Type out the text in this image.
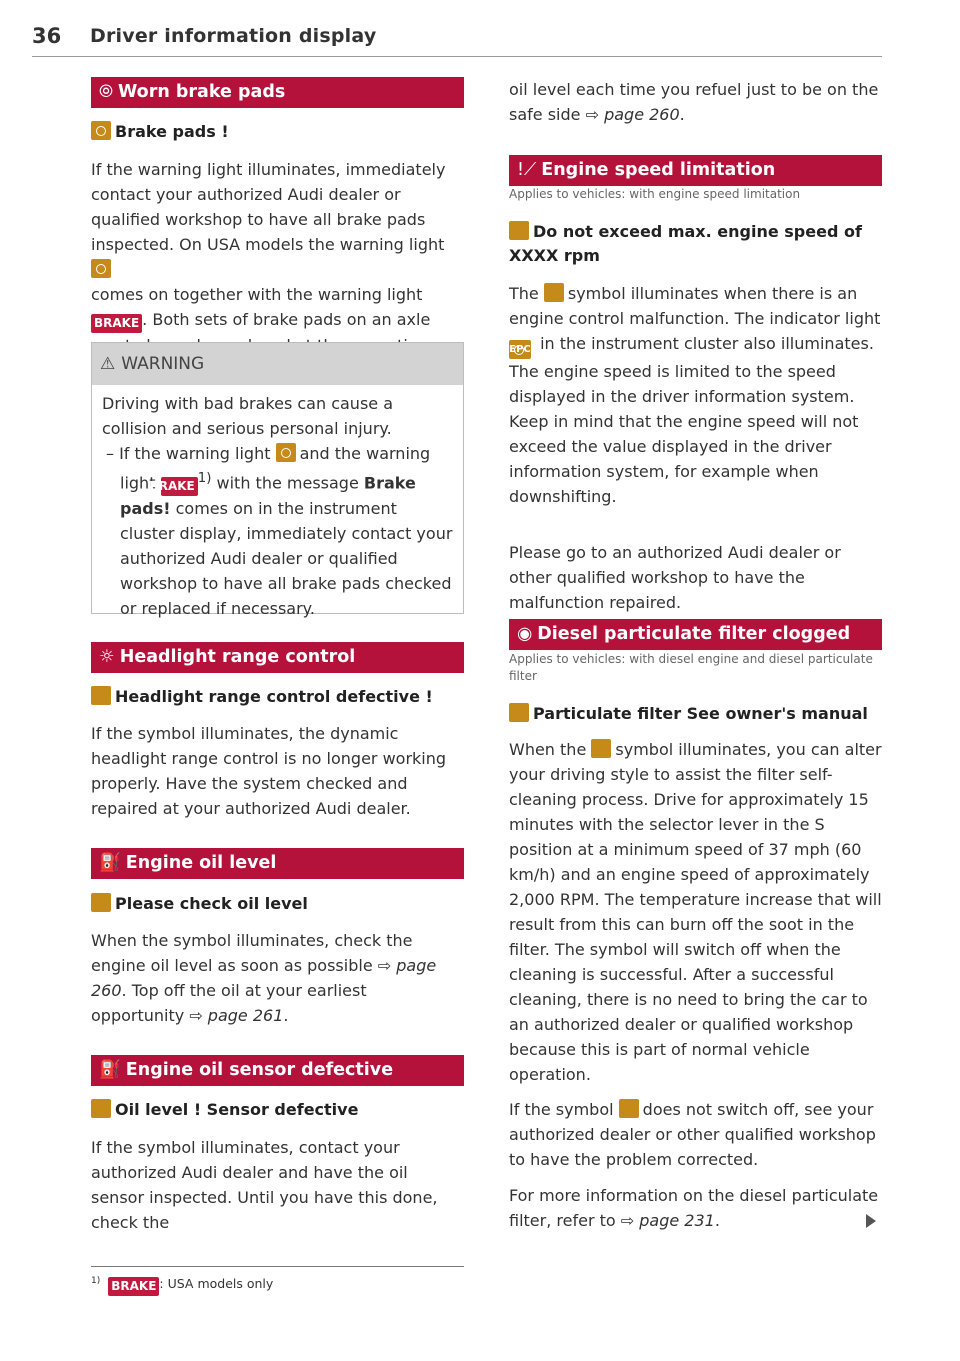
36 Driver information display
⦾ Worn brake pads
Brake pads !
If the warning light illuminates, immediately contact your authorized Audi dealer or qualified workshop to have all brake pads inspected. On USA models the warning light
comes on together with the warning light
BRAKE . Both sets of brake pads on an axle
⚠ WARNING
Driving with bad brakes can cause a collision and serious personal injury.
– If the warning light and the warning light BRAKE$^{1)}$ with the message Brake pads! comes on in the instrument cluster display, immediately contact your authorized Audi dealer or qualified workshop to have all brake pads checked or replaced if necessary.
☼ Headlight range control
Headlight range control defective !
If the symbol illuminates, the dynamic headlight range control is no longer working properly. Have the system checked and repaired at your authorized Audi dealer.
⛽ Engine oil level
Please check oil level
When the symbol illuminates, check the engine oil level as soon as possible ⇨ page 260. Top off the oil at your earliest opportunity ⇨ page 261.
⛽ Engine oil sensor defective
Oil level ! Sensor defective
If the symbol illuminates, contact your authorized Audi dealer and have the oil sensor inspected. Until you have this done, check the
$^{1)}$ BRAKE : USA models only
oil level each time you refuel just to be on the safe side ⇨ page 260.
!⟋ Engine speed limitation
Applies to vehicles: with engine speed limitation
Do not exceed max. engine speed of
XXXX rpm
The symbol illuminates when there is an engine control malfunction. The indicator light EPC in the instrument cluster also illuminates. The engine speed is limited to the speed displayed in the driver information system. Keep in mind that the engine speed will not exceed the value displayed in the driver information system, for example when downshifting.
Please go to an authorized Audi dealer or other qualified workshop to have the malfunction repaired.
◉ Diesel particulate filter clogged
Applies to vehicles: with diesel engine and diesel particulate filter
Particulate filter See owner's manual
When the symbol illuminates, you can alter your driving style to assist the filter self-cleaning process. Drive for approximately 15 minutes with the selector lever in the S position at a minimum speed of 37 mph (60 km/h) and an engine speed of approximately 2,000 RPM. The temperature increase that will result from this can burn off the soot in the filter. The symbol will switch off when the cleaning is successful. After a successful cleaning, there is no need to bring the car to an authorized dealer or qualified workshop because this is part of normal vehicle operation.
If the symbol does not switch off, see your authorized dealer or other qualified workshop to have the problem corrected.
For more information on the diesel particulate filter, refer to ⇨ page 231.
